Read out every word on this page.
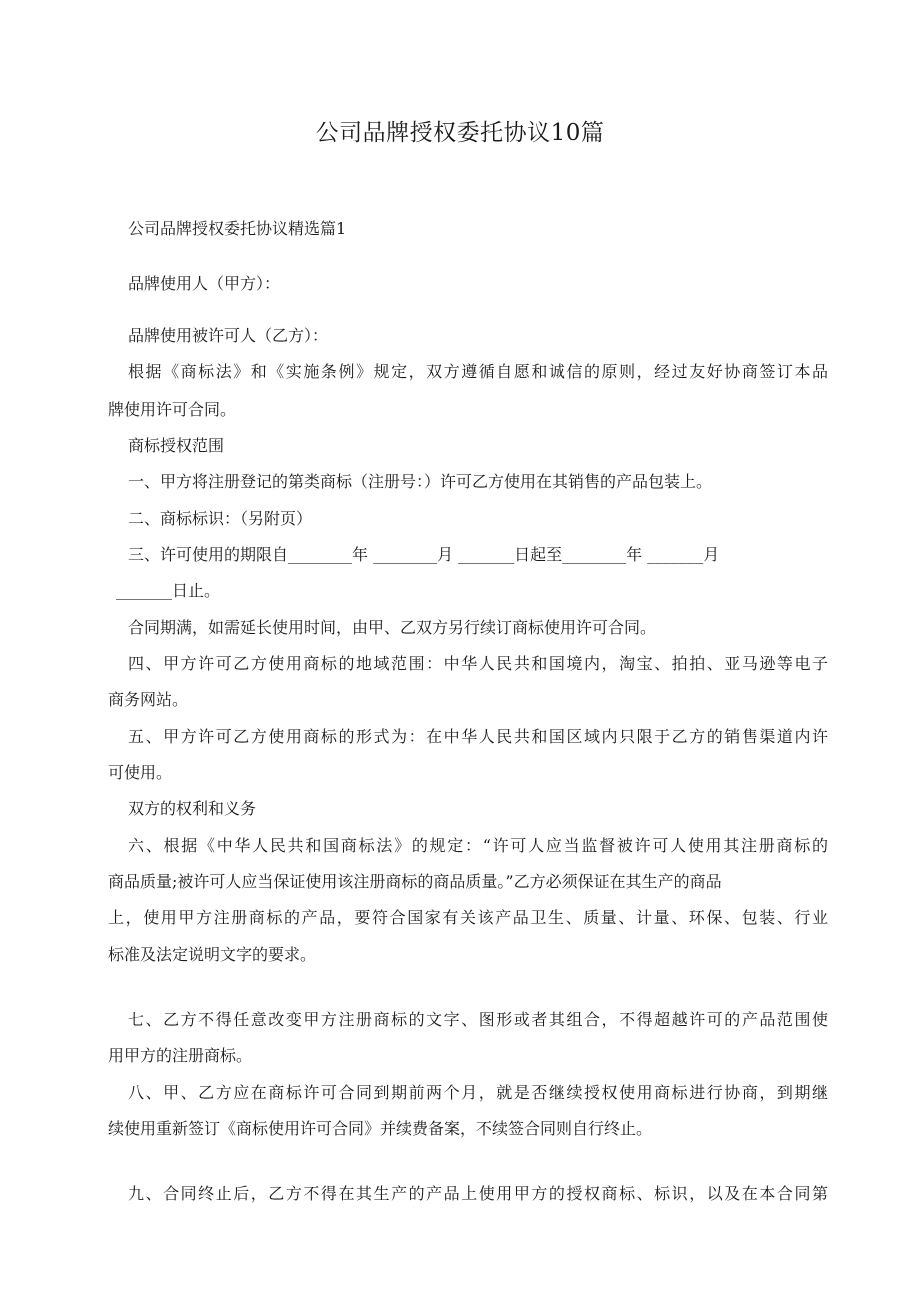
公司品牌授权委托协议10篇

公司品牌授权委托协议精选篇1

品牌使用人（甲方）：

品牌使用被许可人（乙方）：

根据《商标法》和《实施条例》规定，双方遵循自愿和诚信的原则，经过友好协商签订本品

牌使用许可合同。

商标授权范围

一、甲方将注册登记的第类商标（注册号：）许可乙方使用在其销售的产品包装上。

二、商标标识：（另附页）

三、许可使用的期限自________年 ________月 _______日起至________年 _______月

_______日止。

合同期满，如需延长使用时间，由甲、乙双方另行续订商标使用许可合同。

四、甲方许可乙方使用商标的地域范围：中华人民共和国境内，淘宝、拍拍、亚马逊等电子

商务网站。

五、甲方许可乙方使用商标的形式为：在中华人民共和国区域内只限于乙方的销售渠道内许

可使用。

双方的权利和义务

六、根据《中华人民共和国商标法》的规定：“许可人应当监督被许可人使用其注册商标的

商品质量;被许可人应当保证使用该注册商标的商品质量。”乙方必须保证在其生产的商品

上，使用甲方注册商标的产品，要符合国家有关该产品卫生、质量、计量、环保、包装、行业

标准及法定说明文字的要求。

七、乙方不得任意改变甲方注册商标的文字、图形或者其组合，不得超越许可的产品范围使

用甲方的注册商标。

八、甲、乙方应在商标许可合同到期前两个月，就是否继续授权使用商标进行协商，到期继

续使用重新签订《商标使用许可合同》并续费备案，不续签合同则自行终止。

九、合同终止后，乙方不得在其生产的产品上使用甲方的授权商标、标识，以及在本合同第
